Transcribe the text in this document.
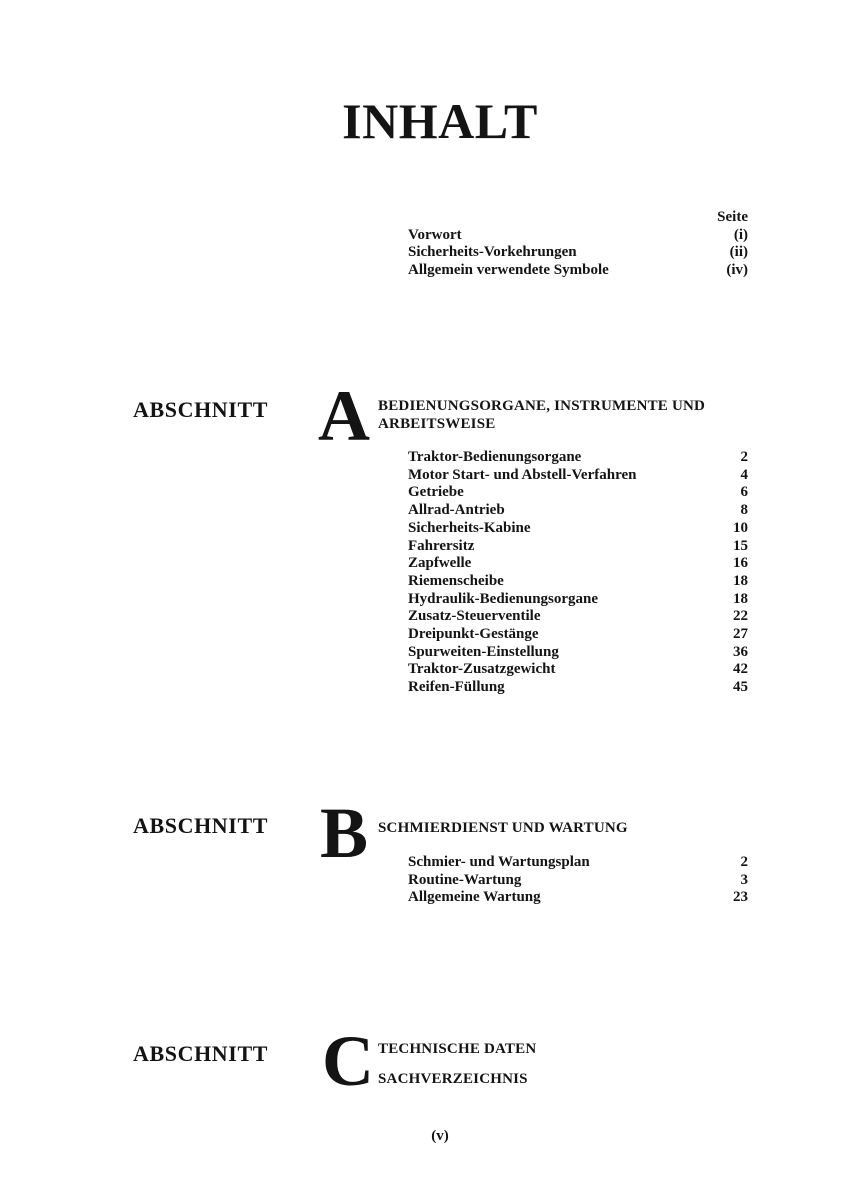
INHALT
Seite
Vorwort	(i)
Sicherheits-Vorkehrungen	(ii)
Allgemein verwendete Symbole	(iv)
ABSCHNITT A BEDIENUNGSORGANE, INSTRUMENTE UND
ARBEITSWEISE
Traktor-Bedienungsorgane	2
Motor Start- und Abstell-Verfahren	4
Getriebe	6
Allrad-Antrieb	8
Sicherheits-Kabine	10
Fahrersitz	15
Zapfwelle	16
Riemenscheibe	18
Hydraulik-Bedienungsorgane	18
Zusatz-Steuerventile	22
Dreipunkt-Gestänge	27
Spurweiten-Einstellung	36
Traktor-Zusatzgewicht	42
Reifen-Füllung	45
ABSCHNITT B SCHMIERDIENST UND WARTUNG
Schmier- und Wartungsplan	2
Routine-Wartung	3
Allgemeine Wartung	23
ABSCHNITT C TECHNISCHE DATEN
SACHVERZEICHNIS
(v)
